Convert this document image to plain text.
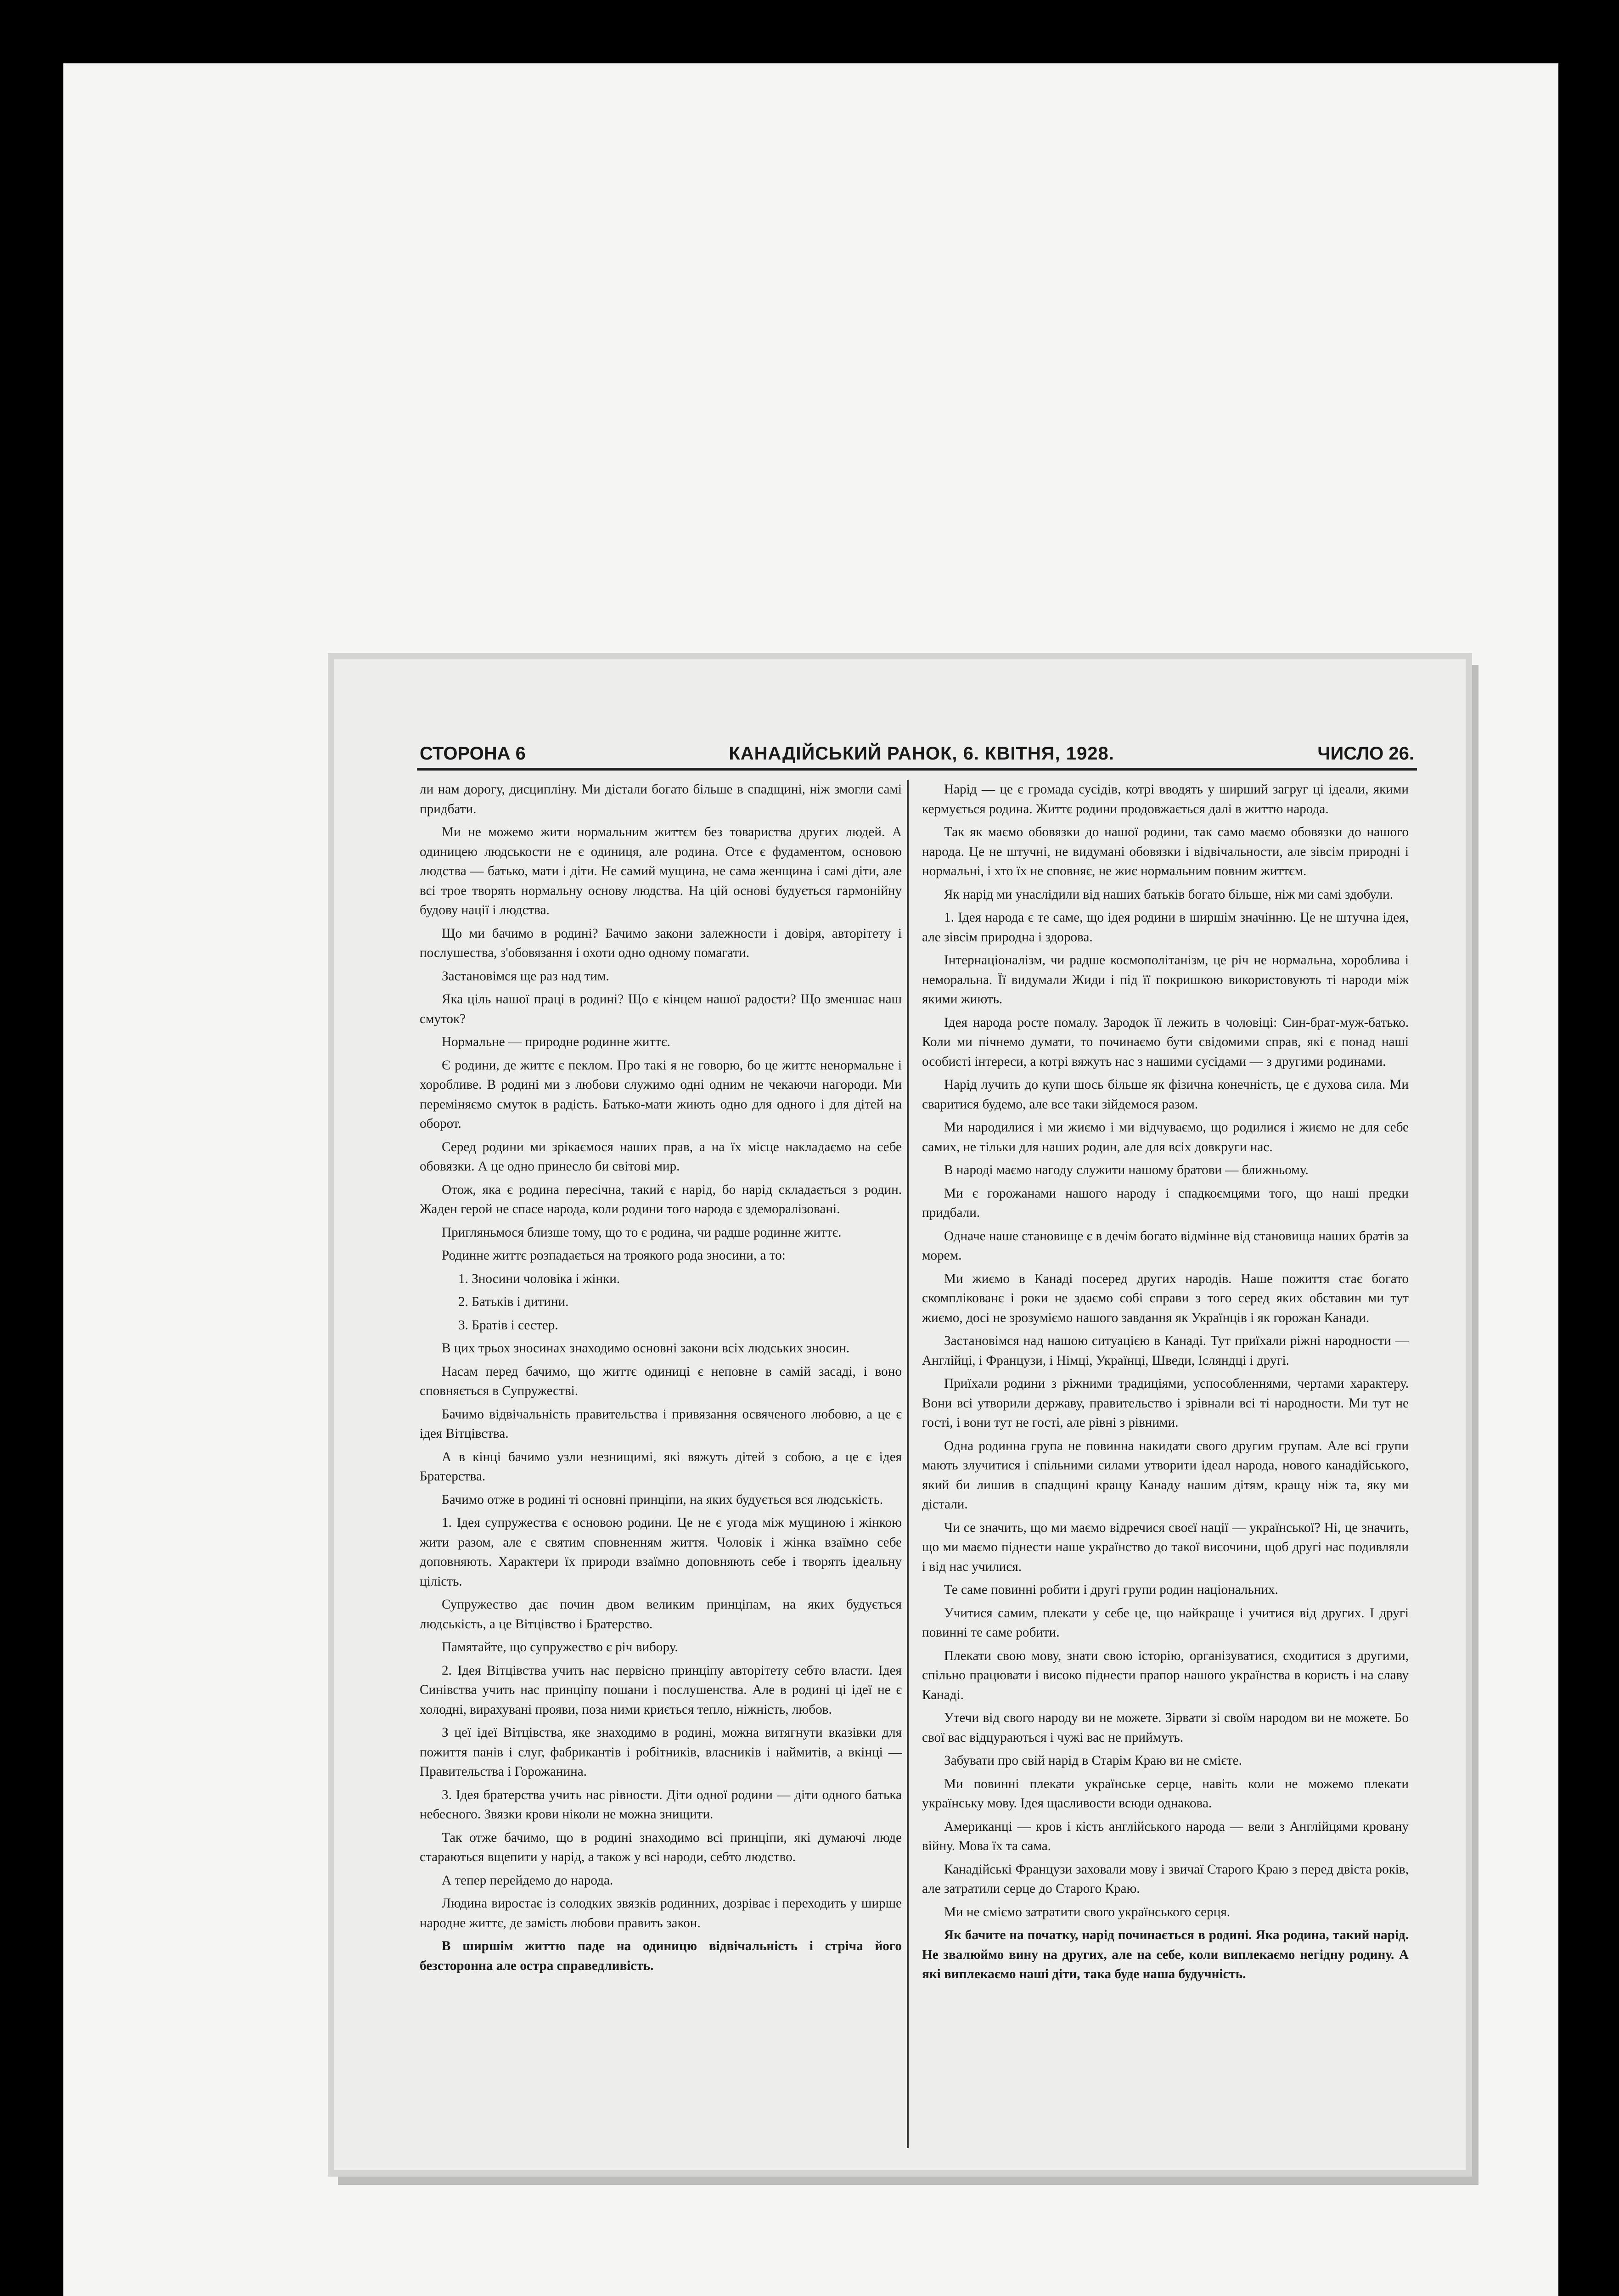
СТОРОНА 6	КАНАДІЙСЬКИЙ РАНОК, 6. КВІТНЯ, 1928.	ЧИСЛО 26.

ли нам дорогу, дисципліну. Ми дістали богато більше в спадщині, ніж змогли самі придбати.

Ми не можемо жити нормальним життєм без товариства других людей. А одиницею людськости не є одиниця, але родина. Отсе є фудаментом, основою людства — батько, мати і діти. Не самий мущина, не сама женщина і самі діти, але всі трое творять нормальну основу людства. На цій основі будується гармонійну будову нації і людства.

Що ми бачимо в родині? Бачимо закони залежности і довіря, авторітету і послушества, з'обовязання і охоти одно одному помагати.

Застановімся ще раз над тим.

Яка ціль нашої праці в родині? Що є кінцем нашої радости? Що зменшає наш смуток?

Нормальне — природне родинне життє.

Є родини, де життє є пеклом. Про такі я не говорю, бо це життє ненормальне і хоробливе. В родині ми з любови служимо одні одним не чекаючи нагороди. Ми переміняємо смуток в радість. Батько-мати жиють одно для одного і для дітей на оборот.

Серед родини ми зрікаємося наших прав, а на їх місце накладаємо на себе обовязки. А це одно принесло би світові мир.

Отож, яка є родина пересічна, такий є нарід, бо нарід складається з родин. Жаден герой не спасе народа, коли родини того народа є здеморалізовані.

Пригляньмося близше тому, що то є родина, чи радше родинне життє.

Родинне життє розпадається на троякого рода зносини, а то:

1. Зносини чоловіка і жінки.

2. Батьків і дитини.

3. Братів і сестер.

В цих трьох зносинах знаходимо основні закони всіх людських зносин.

Насам перед бачимо, що життє одиниці є неповне в самій засаді, і воно сповняється в Супружестві.

Бачимо відвічальність правительства і привязання освяченого любовю, а це є ідея Вітцівства.

А в кінці бачимо узли незнищимі, які вяжуть дітей з собою, а це є ідея Братерства.

Бачимо отже в родині ті основні принціпи, на яких будується вся людськість.

1. Ідея супружества є основою родини. Це не є угода між мущиною і жінкою жити разом, але є святим сповненням життя. Чоловік і жінка взаїмно себе доповняють. Характери їх природи взаїмно доповняють себе і творять ідеальну цілість.

Супружество дає почин двом великим принціпам, на яких будується людськість, а це Вітцівство і Братерство.

Памятайте, що супружество є річ вибору.

2. Ідея Вітцівства учить нас первісно принціпу авторітету себто власти. Ідея Синівства учить нас принціпу пошани і послушенства. Але в родині ці ідеї не є холодні, вирахувані прояви, поза ними криється тепло, ніжність, любов.

З цеї ідеї Вітцівства, яке знаходимо в родині, можна витягнути вказівки для пожиття панів і слуг, фабрикантів і робітників, власників і наймитів, а вкінці — Правительства і Горожанина.

3. Ідея братерства учить нас рівности. Діти одної родини — діти одного батька небесного. Звязки крови ніколи не можна знищити.

Так отже бачимо, що в родині знаходимо всі принціпи, які думаючі люде стараються вщепити у нарід, а також у всі народи, себто людство.

А тепер перейдемо до народа.

Людина виростає із солодких звязків родинних, дозріває і переходить у ширше народне життє, де замість любови править закон.

В ширшім життю паде на одиницю відвічальність і стріча його безсторонна але остра справедливість.

Нарід — це є громада сусідів, котрі вводять у ширший загруг ці ідеали, якими кермується родина. Життє родини продовжається далі в життю народа.

Так як маємо обовязки до нашої родини, так само маємо обовязки до нашого народа. Це не штучні, не видумані обовязки і відвічальности, але зівсім природні і нормальні, і хто їх не сповняє, не жиє нормальним повним життєм.

Як нарід ми унаслідили від наших батьків богато більше, ніж ми самі здобули.

1. Ідея народа є те саме, що ідея родини в ширшім значінню. Це не штучна ідея, але зівсім природна і здорова.

Інтернаціоналізм, чи радше космополітанізм, це річ не нормальна, хоробливa і неморальна. Її видумали Жиди і під її покришкою використовують ті народи між якими жиють.

Ідея народа росте помалу. Зародок її лежить в чоловіці: Син-брат-муж-батько. Коли ми пічнемо думати, то починаємо бути свідомими справ, які є понад наші особисті інтереси, а котрі вяжуть нас з нашими сусідами — з другими родинами.

Нарід лучить до купи шось більше як фізична конечність, це є духова сила. Ми сваритися будемо, але все таки зійдемося разом.

Ми народилися і ми жиємо і ми відчуваємо, що родилися і жиємо не для себе самих, не тільки для наших родин, але для всіх довкруги нас.

В народі маємо нагоду служити нашому братови — ближньому.

Ми є горожанами нашого народу і спадкоємцями того, що наші предки придбали.

Одначе наше становище є в дечім богато відмінне від становища наших братів за морем.

Ми жиємо в Канаді посеред других народів. Наше пожиття стає богато скомплікованє і роки не здаємо собі справи з того серед яких обставин ми тут жиємо, досі не зрозуміємо нашого завдання як Українців і як горожан Канади.

Застановімся над нашою ситуацією в Канаді. Тут приїхали ріжні народности — Англійці, і Французи, і Німці, Українці, Шведи, Ісляндці і другі.

Приїхали родини з ріжними традиціями, успособленнями, чертами характеру. Вони всі утворили державу, правительство і зрівнали всі ті народности. Ми тут не гості, і вони тут не гості, але рівні з рівними.

Одна родинна група не повинна накидати свого другим групам. Але всі групи мають злучитися і спільними силами утворити ідеал народа, нового канадійського, який би лишив в спадщині кращу Канаду нашим дітям, кращу ніж та, яку ми дістали.

Чи се значить, що ми маємо відречися своєї нації — української? Ні, це значить, що ми маємо піднести наше українство до такої височини, щоб другі нас подивляли і від нас училися.

Те саме повинні робити і другі групи родин національних.

Учитися самим, плекати у себе це, що найкраще і учитися від других. І другі повинні те саме робити.

Плекати свою мову, знати свою історію, організуватися, сходитися з другими, спільно працювати і високо піднести прапор нашого українства в користь і на славу Канаді.

Утечи від свого народу ви не можете. Зірвати зі своїм народом ви не можете. Бо свої вас відцураються і чужі вас не приймуть.

Забувати про свій нарід в Старім Краю ви не смієте.

Ми повинні плекати українське серце, навіть коли не можемо плекати українську мову. Ідея щасливости всюди однакова.

Американці — кров і кість англійського народа — вели з Англійцями кровану війну. Мова їх та сама.

Канадійські Французи заховали мову і звичаї Старого Краю з перед двіста років, але затратили серце до Старого Краю.

Ми не смiємо затратити свого українського серця.

Як бачите на початку, нарід починається в родині. Яка родина, такий нарід. Не звалюймо вину на других, але на себе, коли виплекаємо негідну родину. А які виплекаємо наші діти, така буде наша будучність.
